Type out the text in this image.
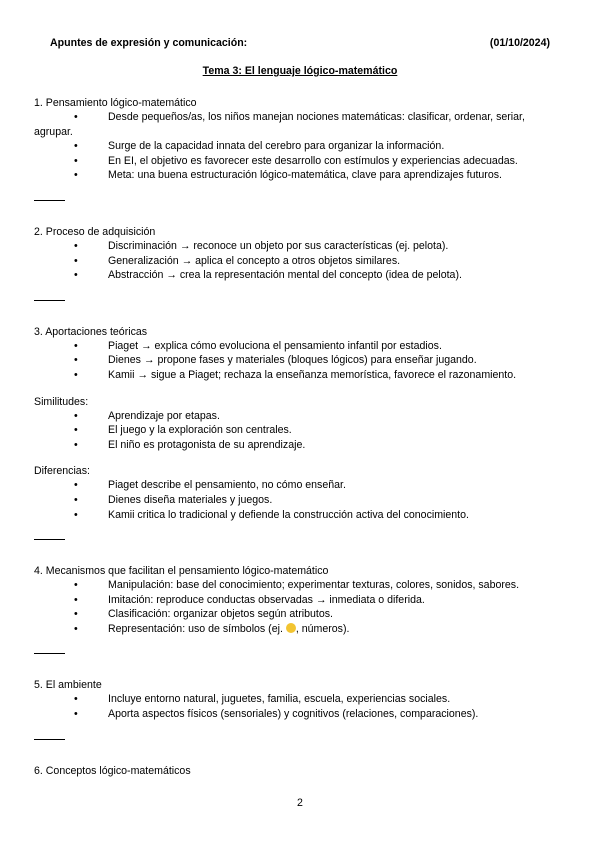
Apuntes de expresión y comunicación:	(01/10/2024)
Tema 3: El lenguaje lógico-matemático
1. Pensamiento lógico-matemático
•	Desde pequeños/as, los niños manejan nociones matemáticas: clasificar, ordenar, seriar,
agrupar.
•	Surge de la capacidad innata del cerebro para organizar la información.
•	En EI, el objetivo es favorecer este desarrollo con estímulos y experiencias adecuadas.
•	Meta: una buena estructuración lógico-matemática, clave para aprendizajes futuros.
2. Proceso de adquisición
•	Discriminación → reconoce un objeto por sus características (ej. pelota).
•	Generalización → aplica el concepto a otros objetos similares.
•	Abstracción → crea la representación mental del concepto (idea de pelota).
3. Aportaciones teóricas
•	Piaget → explica cómo evoluciona el pensamiento infantil por estadios.
•	Dienes → propone fases y materiales (bloques lógicos) para enseñar jugando.
•	Kamii → sigue a Piaget; rechaza la enseñanza memorística, favorece el razonamiento.
Similitudes:
•	Aprendizaje por etapas.
•	El juego y la exploración son centrales.
•	El niño es protagonista de su aprendizaje.
Diferencias:
•	Piaget describe el pensamiento, no cómo enseñar.
•	Dienes diseña materiales y juegos.
•	Kamii critica lo tradicional y defiende la construcción activa del conocimiento.
4. Mecanismos que facilitan el pensamiento lógico-matemático
•	Manipulación: base del conocimiento; experimentar texturas, colores, sonidos, sabores.
•	Imitación: reproduce conductas observadas → inmediata o diferida.
•	Clasificación: organizar objetos según atributos.
•	Representación: uso de símbolos (ej. , números).
5. El ambiente
•	Incluye entorno natural, juguetes, familia, escuela, experiencias sociales.
•	Aporta aspectos físicos (sensoriales) y cognitivos (relaciones, comparaciones).
6. Conceptos lógico-matemáticos
2
